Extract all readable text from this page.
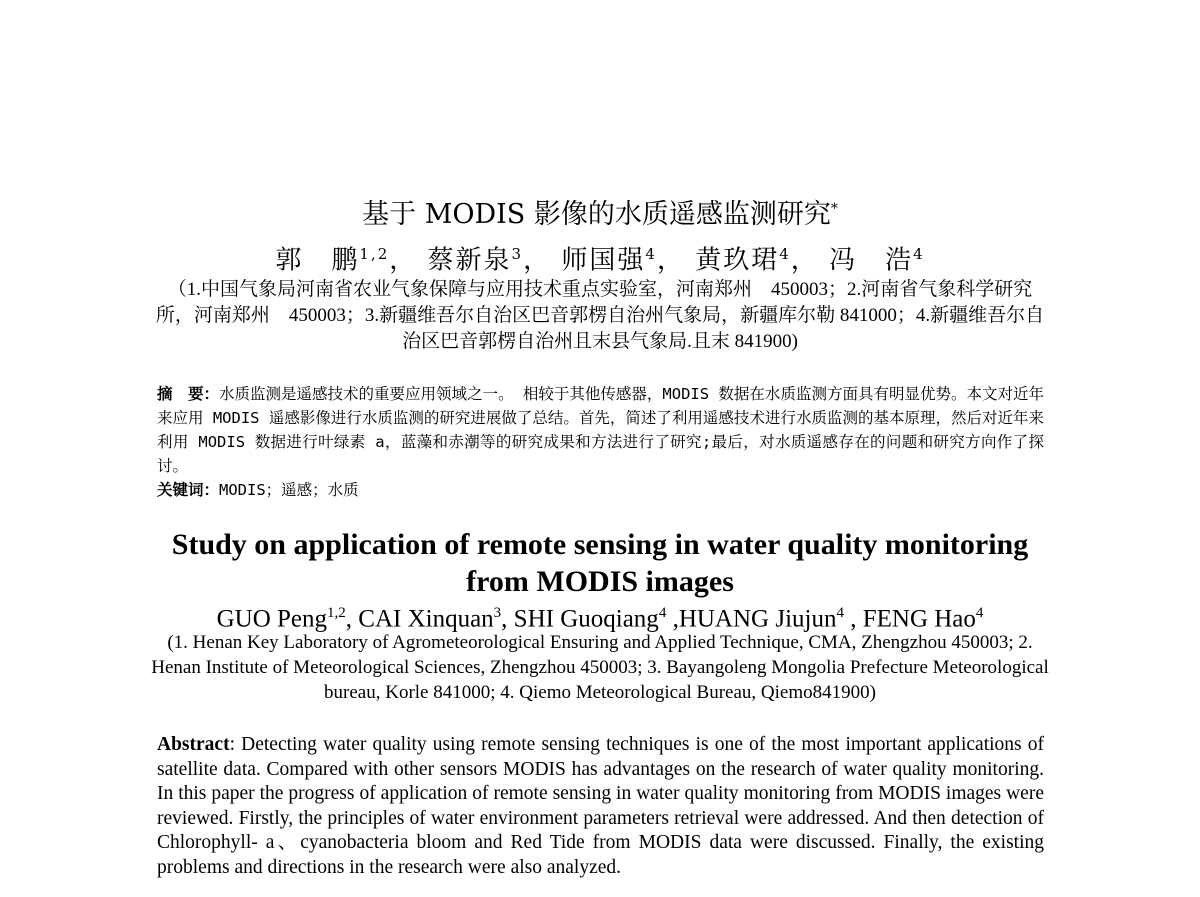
基于 MODIS 影像的水质遥感监测研究*
郭　鹏$^{1,2}$， 蔡新泉$^3$， 师国强$^4$， 黄玖珺$^4$， 冯　浩$^4$
（1.中国气象局河南省农业气象保障与应用技术重点实验室，河南郑州　450003；2.河南省气象科学研究所，河南郑州　450003；3.新疆维吾尔自治区巴音郭楞自治州气象局，新疆库尔勒 841000；4.新疆维吾尔自治区巴音郭楞自治州且末县气象局.且末 841900)
摘　要：水质监测是遥感技术的重要应用领域之一。 相较于其他传感器，MODIS 数据在水质监测方面具有明显优势。本文对近年来应用 MODIS 遥感影像进行水质监测的研究进展做了总结。首先，简述了利用遥感技术进行水质监测的基本原理，然后对近年来利用 MODIS 数据进行叶绿素 a，蓝藻和赤潮等的研究成果和方法进行了研究;最后，对水质遥感存在的问题和研究方向作了探讨。
关键词：MODIS；遥感；水质
Study on application of remote sensing in water quality monitoring from MODIS images
GUO Peng$^{1,2}$, CAI Xinquan$^3$, SHI Guoqiang$^4$ ,HUANG Jiujun$^4$ , FENG Hao$^4$
(1. Henan Key Laboratory of Agrometeorological Ensuring and Applied Technique, CMA, Zhengzhou 450003; 2. Henan Institute of Meteorological Sciences, Zhengzhou 450003; 3. Bayangoleng Mongolia Prefecture Meteorological bureau, Korle 841000; 4. Qiemo Meteorological Bureau, Qiemo841900)
Abstract: Detecting water quality using remote sensing techniques is one of the most important applications of satellite data. Compared with other sensors MODIS has advantages on the research of water quality monitoring. In this paper the progress of application of remote sensing in water quality monitoring from MODIS images were reviewed. Firstly, the principles of water environment parameters retrieval were addressed. And then detection of Chlorophyll- a、cyanobacteria bloom and Red Tide from MODIS data were discussed. Finally, the existing problems and directions in the research were also analyzed.
